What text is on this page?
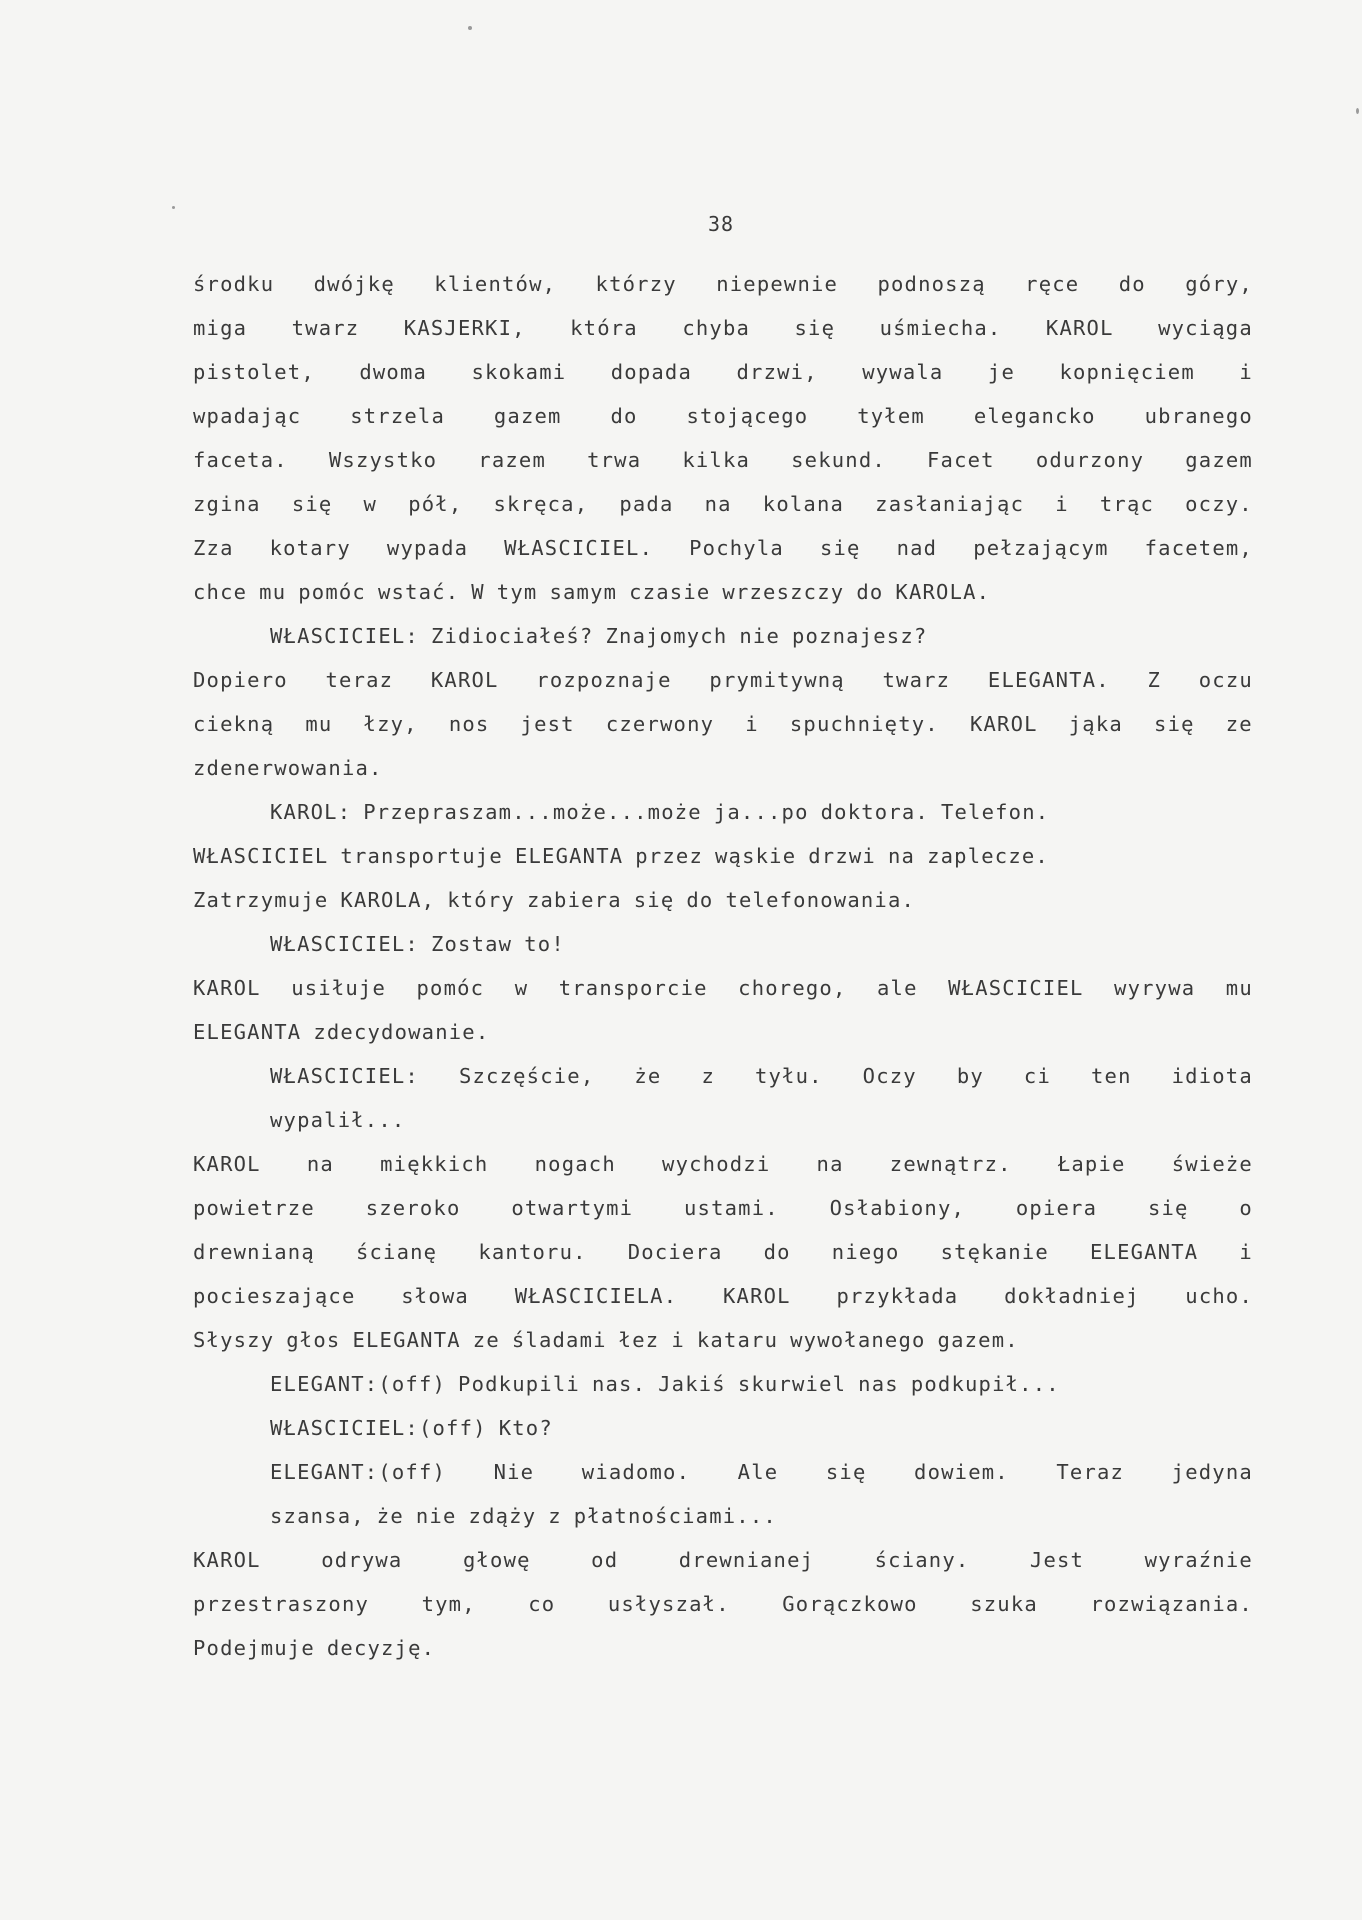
38
środku dwójkę klientów, którzy niepewnie podnoszą ręce do góry,
miga twarz KASJERKI, która chyba się uśmiecha. KAROL wyciąga
pistolet, dwoma skokami dopada drzwi, wywala je kopnięciem i
wpadając strzela gazem do stojącego tyłem elegancko ubranego
faceta. Wszystko razem trwa kilka sekund. Facet odurzony gazem
zgina się w pół, skręca, pada na kolana zasłaniając i trąc oczy.
Zza kotary wypada WŁASCICIEL. Pochyla się nad pełzającym facetem,
chce mu pomóc wstać. W tym samym czasie wrzeszczy do KAROLA.
WŁASCICIEL: Zidiociałeś? Znajomych nie poznajesz?
Dopiero teraz KAROL rozpoznaje prymitywną twarz ELEGANTA. Z oczu
ciekną mu łzy, nos jest czerwony i spuchnięty. KAROL jąka się ze
zdenerwowania.
KAROL: Przepraszam...może...może ja...po doktora. Telefon.
WŁASCICIEL transportuje ELEGANTA przez wąskie drzwi na zaplecze.
Zatrzymuje KAROLA, który zabiera się do telefonowania.
WŁASCICIEL: Zostaw to!
KAROL usiłuje pomóc w transporcie chorego, ale WŁASCICIEL wyrywa mu
ELEGANTA zdecydowanie.
WŁASCICIEL: Szczęście, że z tyłu. Oczy by ci ten idiota
wypalił...
KAROL na miękkich nogach wychodzi na zewnątrz. Łapie świeże
powietrze szeroko otwartymi ustami. Osłabiony, opiera się o
drewnianą ścianę kantoru. Dociera do niego stękanie ELEGANTA i
pocieszające słowa WŁASCICIELA. KAROL przykłada dokładniej ucho.
Słyszy głos ELEGANTA ze śladami łez i kataru wywołanego gazem.
ELEGANT:(off) Podkupili nas. Jakiś skurwiel nas podkupił...
WŁASCICIEL:(off) Kto?
ELEGANT:(off) Nie wiadomo. Ale się dowiem. Teraz jedyna
szansa, że nie zdąży z płatnościami...
KAROL	odrywa	głowę	od	drewnianej	ściany.	Jest	wyraźnie
przestraszony	tym,	co	usłyszał.	Gorączkowo	szuka	rozwiązania.
Podejmuje decyzję.
